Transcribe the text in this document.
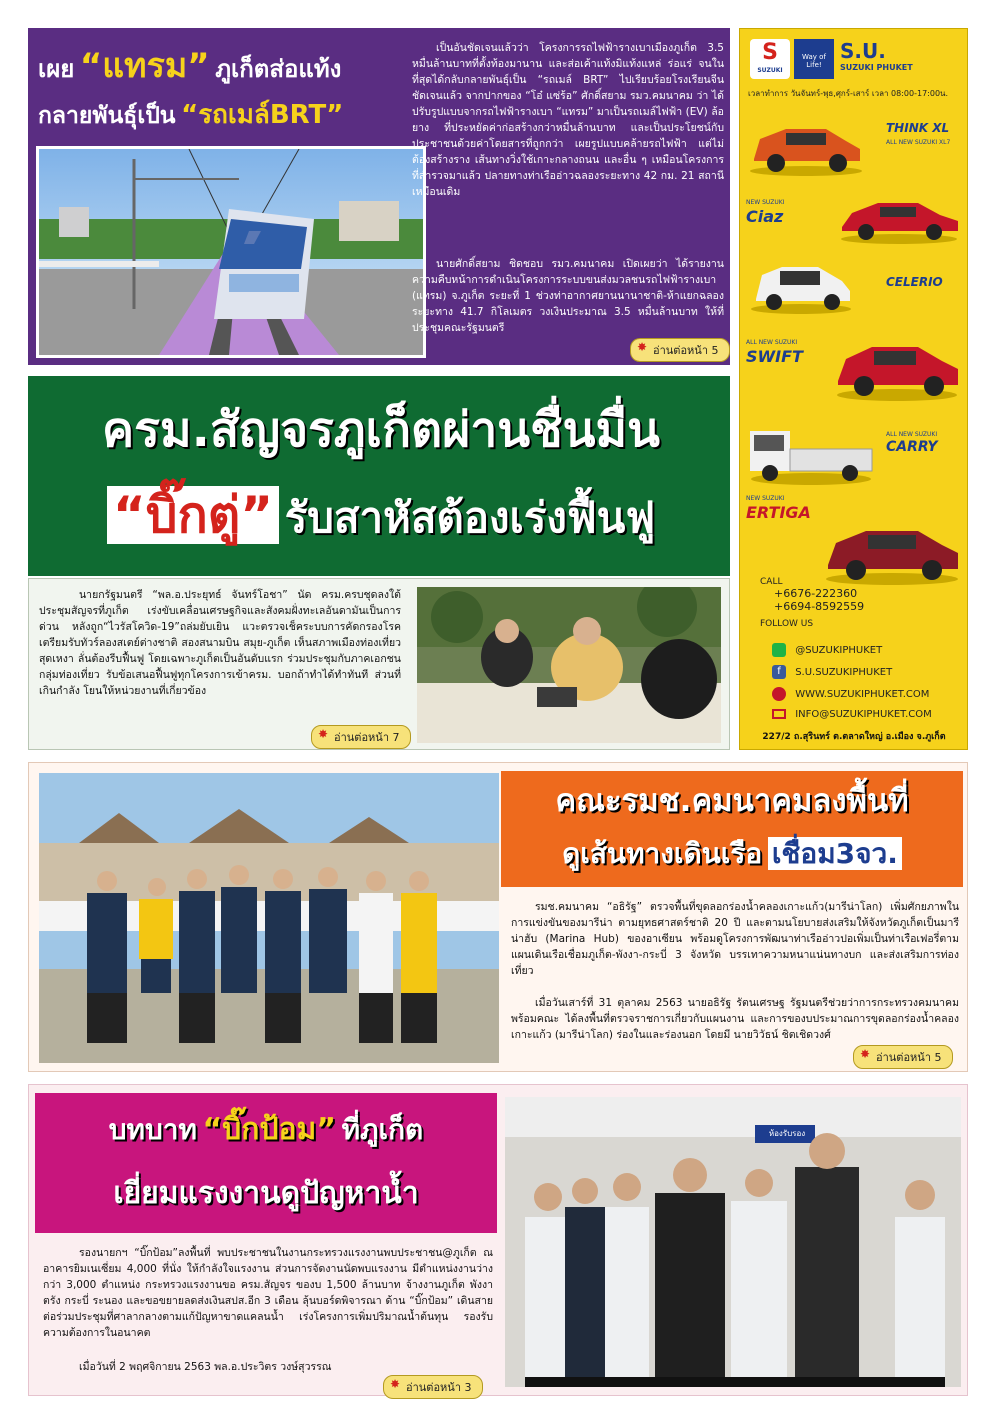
เผย “แทรม” ภูเก็ตส่อแท้ง
กลายพันธุ์เป็น “รถเมล์BRT”
เป็นอันชัดเจนแล้วว่า โครงการรถไฟฟ้ารางเบาเมืองภูเก็ต 3.5 หมื่นล้านบาทที่ตั้งท้องมานาน และส่อเค้าแท้งมิแท้งแหล่ ร่อแร่ จนในที่สุดได้กลับกลายพันธุ์เป็น “รถเมล์ BRT” ไปเรียบร้อยโรงเรียนจีนชัดเจนแล้ว จากปากของ “โอ๋ แซ่ร้อ” ศักดิ์สยาม รมว.คมนาคม ว่า ได้ปรับรูปแบบจากรถไฟฟ้ารางเบา “แทรม” มาเป็นรถเมล์ไฟฟ้า (EV) ล้อยาง ที่ประหยัดค่าก่อสร้างกว่าหมื่นล้านบาท และเป็นประโยชน์กับประชาชนด้วยค่าโดยสารที่ถูกกว่า เผยรูปแบบคล้ายรถไฟฟ้า แต่ไม่ต้องสร้างราง เส้นทางวิ่งใช้เกาะกลางถนน และอื่น ๆ เหมือนโครงการที่สำรวจมาแล้ว ปลายทางท่าเรืออ่าวฉลองระยะทาง 42 กม. 21 สถานี เหมือนเดิม
นายศักดิ์สยาม ชิดชอบ รมว.คมนาคม เปิดเผยว่า ได้รายงานความคืบหน้าการดำเนินโครงการระบบขนส่งมวลชนรถไฟฟ้ารางเบา (แทรม) จ.ภูเก็ต ระยะที่ 1 ช่วงท่าอากาศยานนานาชาติ-ห้าแยกฉลอง ระยะทาง 41.7 กิโลเมตร วงเงินประมาณ 3.5 หมื่นล้านบาท ให้ที่ประชุมคณะรัฐมนตรี
✸ อ่านต่อหน้า 5
S
SUZUKI
Way of Life!
S.U.
SUZUKI PHUKET
เวลาทำการ วันจันทร์-พุธ,ศุกร์-เสาร์ เวลา 08:00-17:00น.
ALL NEW SUZUKI XL7
THINK XL
NEW SUZUKI
Ciaz
CELERIO
ALL NEW SUZUKI
SWIFT
ALL NEW SUZUKI
CARRY
NEW SUZUKI
ERTIGA
CALL
+6676-222360
+6694-8592559
FOLLOW US
@SUZUKIPHUKET
f S.U.SUZUKIPHUKET
WWW.SUZUKIPHUKET.COM
INFO@SUZUKIPHUKET.COM
227/2 ถ.สุรินทร์ ต.ตลาดใหญ่ อ.เมือง จ.ภูเก็ต
ครม.สัญจรภูเก็ตผ่านชื่นมื่น
“บิ๊กตู่” รับสาหัสต้องเร่งฟื้นฟู
นายกรัฐมนตรี “พล.อ.ประยุทธ์ จันทร์โอชา” นัด ครม.ครบชุดลงใต้ ประชุมสัญจรที่ภูเก็ต เร่งขับเคลื่อนเศรษฐกิจและสังคมฝั่งทะเลอันดามันเป็นการด่วน หลังถูก“ไวรัสโควิด-19”ถล่มยับเยิน แวะตรวจเช็คระบบการคัดกรองโรค เตรียมรับทัวร์ลองสเตย์ต่างชาติ สองสนามบิน สมุย-ภูเก็ต เห็นสภาพเมืองท่องเที่ยวสุดเหงา ลั่นต้องรีบฟื้นฟู โดยเฉพาะภูเก็ตเป็นอันดับแรก ร่วมประชุมกับภาคเอกชนกลุ่มท่องเที่ยว รับข้อเสนอฟื้นฟูทุกโครงการเข้าครม. บอกถ้าทำได้ทำทันที ส่วนที่เกินกำลัง โยนให้หน่วยงานที่เกี่ยวข้อง
✸ อ่านต่อหน้า 7
คณะรมช.คมนาคมลงพื้นที่
ดูเส้นทางเดินเรือ เชื่อม3จว.
รมช.คมนาคม “อธิรัฐ” ตรวจพื้นที่ขุดลอกร่องน้ำคลองเกาะแก้ว(มารีน่าโลก) เพิ่มศักยภาพในการแข่งขันของมารีน่า ตามยุทธศาสตร์ชาติ 20 ปี และตามนโยบายส่งเสริมให้จังหวัดภูเก็ตเป็นมารีน่าฮับ (Marina Hub) ของอาเซียน พร้อมดูโครงการพัฒนาท่าเรืออ่าวปอเพิ่มเป็นท่าเรือเฟอรี่ตามแผนเดินเรือเชื่อมภูเก็ต-พังงา-กระบี่ 3 จังหวัด บรรเทาความหนาแน่นทางบก และส่งเสริมการท่องเที่ยว
เมื่อวันเสาร์ที่ 31 ตุลาคม 2563 นายอธิรัฐ รัตนเศรษฐ รัฐมนตรีช่วยว่าการกระทรวงคมนาคม พร้อมคณะ ได้ลงพื้นที่ตรวจราชการเกี่ยวกับแผนงาน และการของบประมาณการขุดลอกร่องน้ำคลองเกาะแก้ว (มารีน่าโลก) ร่องในและร่องนอก โดยมี นายวิวัธน์ ชิตเชิดวงศ์
✸ อ่านต่อหน้า 5
บทบาท “บิ๊กป้อม” ที่ภูเก็ต
เยี่ยมแรงงานดูปัญหาน้ำ
รองนายกฯ “บิ๊กป้อม”ลงพื้นที่ พบประชาชนในงานกระทรวงแรงงานพบประชาชน@ภูเก็ต ณ อาคารยิมเนเซี่ยม 4,000 ที่นั่ง ให้กำลังใจแรงงาน ส่วนการจัดงานนัดพบแรงงาน มีตำแหน่งงานว่างกว่า 3,000 ตำแหน่ง กระทรวงแรงงานขอ ครม.สัญจร ของบ 1,500 ล้านบาท จ้างงานภูเก็ต พังงา ตรัง กระบี่ ระนอง และขอขยายลดส่งเงินสปส.อีก 3 เดือน ลุ้นบอร์ดพิจารณา ด้าน “บิ๊กป้อม” เดินสายต่อร่วมประชุมที่ศาลากลางตามแก้ปัญหาขาดแคลนน้ำ เร่งโครงการเพิ่มปริมาณน้ำต้นทุน รองรับความต้องการในอนาคต
เมื่อวันที่ 2 พฤศจิกายน 2563 พล.อ.ประวิตร วงษ์สุวรรณ
✸ อ่านต่อหน้า 3
ห้องรับรอง
